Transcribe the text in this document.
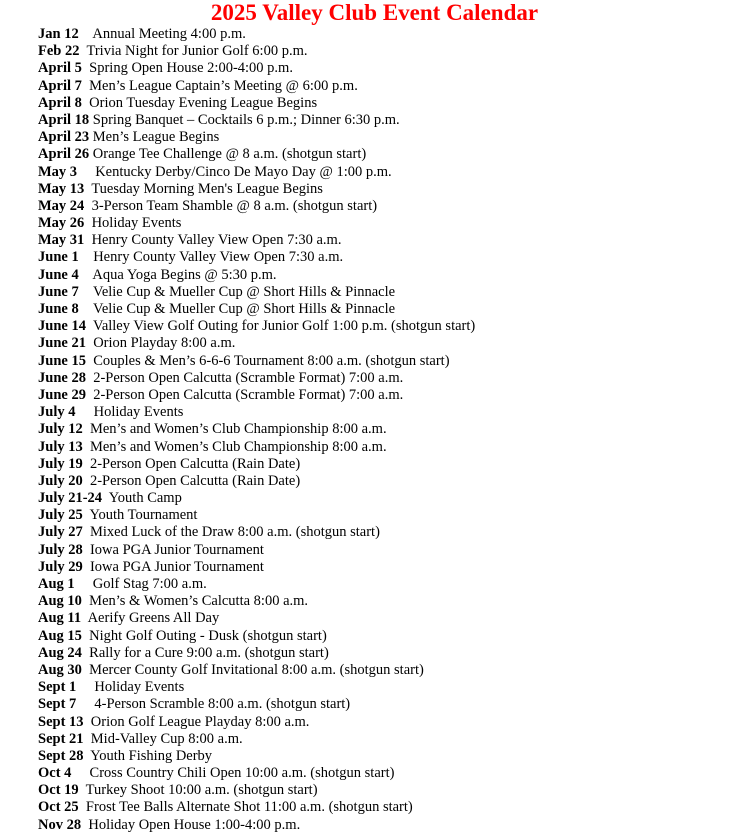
2025 Valley Club Event Calendar
Jan 12 Annual Meeting 4:00 p.m.
Feb 22 Trivia Night for Junior Golf 6:00 p.m.
April 5 Spring Open House 2:00-4:00 p.m.
April 7 Men’s League Captain’s Meeting @ 6:00 p.m.
April 8 Orion Tuesday Evening League Begins
April 18 Spring Banquet – Cocktails 6 p.m.; Dinner 6:30 p.m.
April 23 Men’s League Begins
April 26 Orange Tee Challenge @ 8 a.m. (shotgun start)
May 3 Kentucky Derby/Cinco De Mayo Day @ 1:00 p.m.
May 13 Tuesday Morning Men's League Begins
May 24 3-Person Team Shamble @ 8 a.m. (shotgun start)
May 26 Holiday Events
May 31 Henry County Valley View Open 7:30 a.m.
June 1 Henry County Valley View Open 7:30 a.m.
June 4 Aqua Yoga Begins @ 5:30 p.m.
June 7 Velie Cup & Mueller Cup @ Short Hills & Pinnacle
June 8 Velie Cup & Mueller Cup @ Short Hills & Pinnacle
June 14 Valley View Golf Outing for Junior Golf 1:00 p.m. (shotgun start)
June 21 Orion Playday 8:00 a.m.
June 15 Couples & Men’s 6-6-6 Tournament 8:00 a.m. (shotgun start)
June 28 2-Person Open Calcutta (Scramble Format) 7:00 a.m.
June 29 2-Person Open Calcutta (Scramble Format) 7:00 a.m.
July 4 Holiday Events
July 12 Men’s and Women’s Club Championship 8:00 a.m.
July 13 Men’s and Women’s Club Championship 8:00 a.m.
July 19 2-Person Open Calcutta (Rain Date)
July 20 2-Person Open Calcutta (Rain Date)
July 21-24 Youth Camp
July 25 Youth Tournament
July 27 Mixed Luck of the Draw 8:00 a.m. (shotgun start)
July 28 Iowa PGA Junior Tournament
July 29 Iowa PGA Junior Tournament
Aug 1 Golf Stag 7:00 a.m.
Aug 10 Men’s & Women’s Calcutta 8:00 a.m.
Aug 11 Aerify Greens All Day
Aug 15 Night Golf Outing - Dusk (shotgun start)
Aug 24 Rally for a Cure 9:00 a.m. (shotgun start)
Aug 30 Mercer County Golf Invitational 8:00 a.m. (shotgun start)
Sept 1 Holiday Events
Sept 7 4-Person Scramble 8:00 a.m. (shotgun start)
Sept 13 Orion Golf League Playday 8:00 a.m.
Sept 21 Mid-Valley Cup 8:00 a.m.
Sept 28 Youth Fishing Derby
Oct 4 Cross Country Chili Open 10:00 a.m. (shotgun start)
Oct 19 Turkey Shoot 10:00 a.m. (shotgun start)
Oct 25 Frost Tee Balls Alternate Shot 11:00 a.m. (shotgun start)
Nov 28 Holiday Open House 1:00-4:00 p.m.
